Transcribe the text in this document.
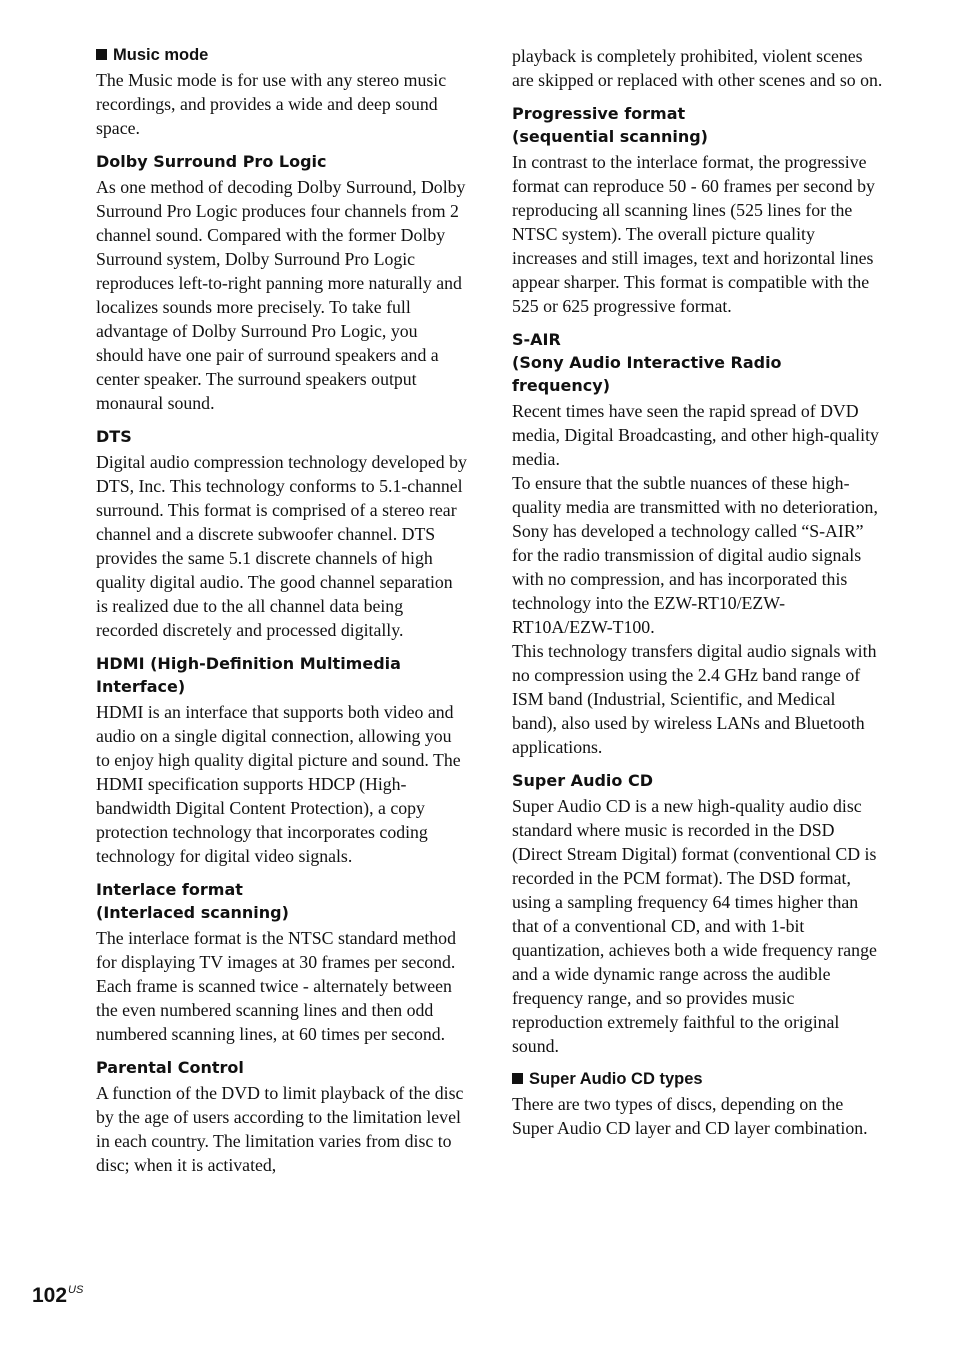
Music mode

The Music mode is for use with any stereo music recordings, and provides a wide and deep sound space.

Dolby Surround Pro Logic

As one method of decoding Dolby Surround, Dolby Surround Pro Logic produces four channels from 2 channel sound. Compared with the former Dolby Surround system, Dolby Surround Pro Logic reproduces left-to-right panning more naturally and localizes sounds more precisely. To take full advantage of Dolby Surround Pro Logic, you should have one pair of surround speakers and a center speaker. The surround speakers output monaural sound.

DTS

Digital audio compression technology developed by DTS, Inc. This technology conforms to 5.1-channel surround. This format is comprised of a stereo rear channel and a discrete subwoofer channel. DTS provides the same 5.1 discrete channels of high quality digital audio. The good channel separation is realized due to the all channel data being recorded discretely and processed digitally.

HDMI (High-Definition Multimedia
Interface)

HDMI is an interface that supports both video and audio on a single digital connection, allowing you to enjoy high quality digital picture and sound. The HDMI specification supports HDCP (High-bandwidth Digital Content Protection), a copy protection technology that incorporates coding technology for digital video signals.

Interlace format
(Interlaced scanning)

The interlace format is the NTSC standard method for displaying TV images at 30 frames per second. Each frame is scanned twice - alternately between the even numbered scanning lines and then odd numbered scanning lines, at 60 times per second.

Parental Control

A function of the DVD to limit playback of the disc by the age of users according to the limitation level in each country. The limitation varies from disc to disc; when it is activated,

playback is completely prohibited, violent scenes are skipped or replaced with other scenes and so on.

Progressive format
(sequential scanning)

In contrast to the interlace format, the progressive format can reproduce 50 - 60 frames per second by reproducing all scanning lines (525 lines for the NTSC system). The overall picture quality increases and still images, text and horizontal lines appear sharper. This format is compatible with the 525 or 625 progressive format.

S-AIR
(Sony Audio Interactive Radio
frequency)

Recent times have seen the rapid spread of DVD media, Digital Broadcasting, and other high-quality media.

To ensure that the subtle nuances of these high-quality media are transmitted with no deterioration, Sony has developed a technology called “S-AIR” for the radio transmission of digital audio signals with no compression, and has incorporated this technology into the EZW-RT10/EZW-RT10A/EZW-T100.

This technology transfers digital audio signals with no compression using the 2.4 GHz band range of ISM band (Industrial, Scientific, and Medical band), also used by wireless LANs and Bluetooth applications.

Super Audio CD

Super Audio CD is a new high-quality audio disc standard where music is recorded in the DSD (Direct Stream Digital) format (conventional CD is recorded in the PCM format). The DSD format, using a sampling frequency 64 times higher than that of a conventional CD, and with 1-bit quantization, achieves both a wide frequency range and a wide dynamic range across the audible frequency range, and so provides music reproduction extremely faithful to the original sound.

Super Audio CD types

There are two types of discs, depending on the Super Audio CD layer and CD layer combination.

$102^{US}$
